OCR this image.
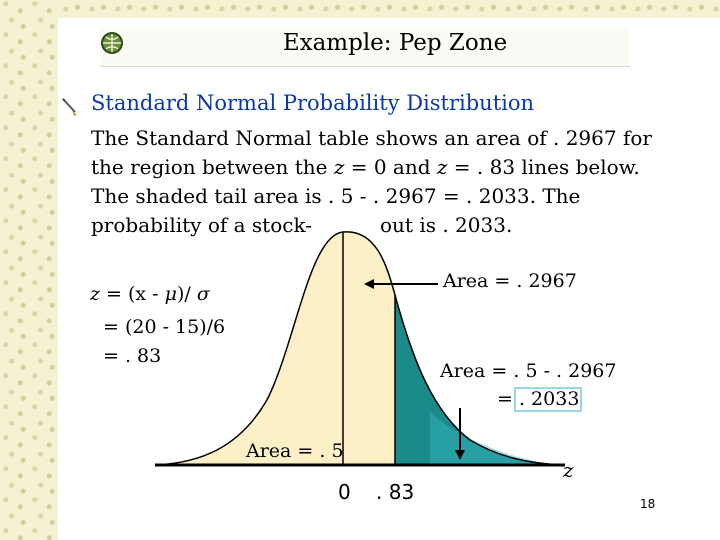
Example: Pep Zone
Standard Normal Probability Distribution
The Standard Normal table shows an area of . 2967 for
the region between the z = 0 and z = . 83 lines below.
The shaded tail area is . 5 - . 2967 = . 2033. The
probability of a stock-	out is . 2033.
z = (x - μ)/ σ
= (20 - 15)/6
= . 83
Area = . 2967
Area = . 5 - . 2967
= . 2033
Area = . 5
0 . 83
z
18
